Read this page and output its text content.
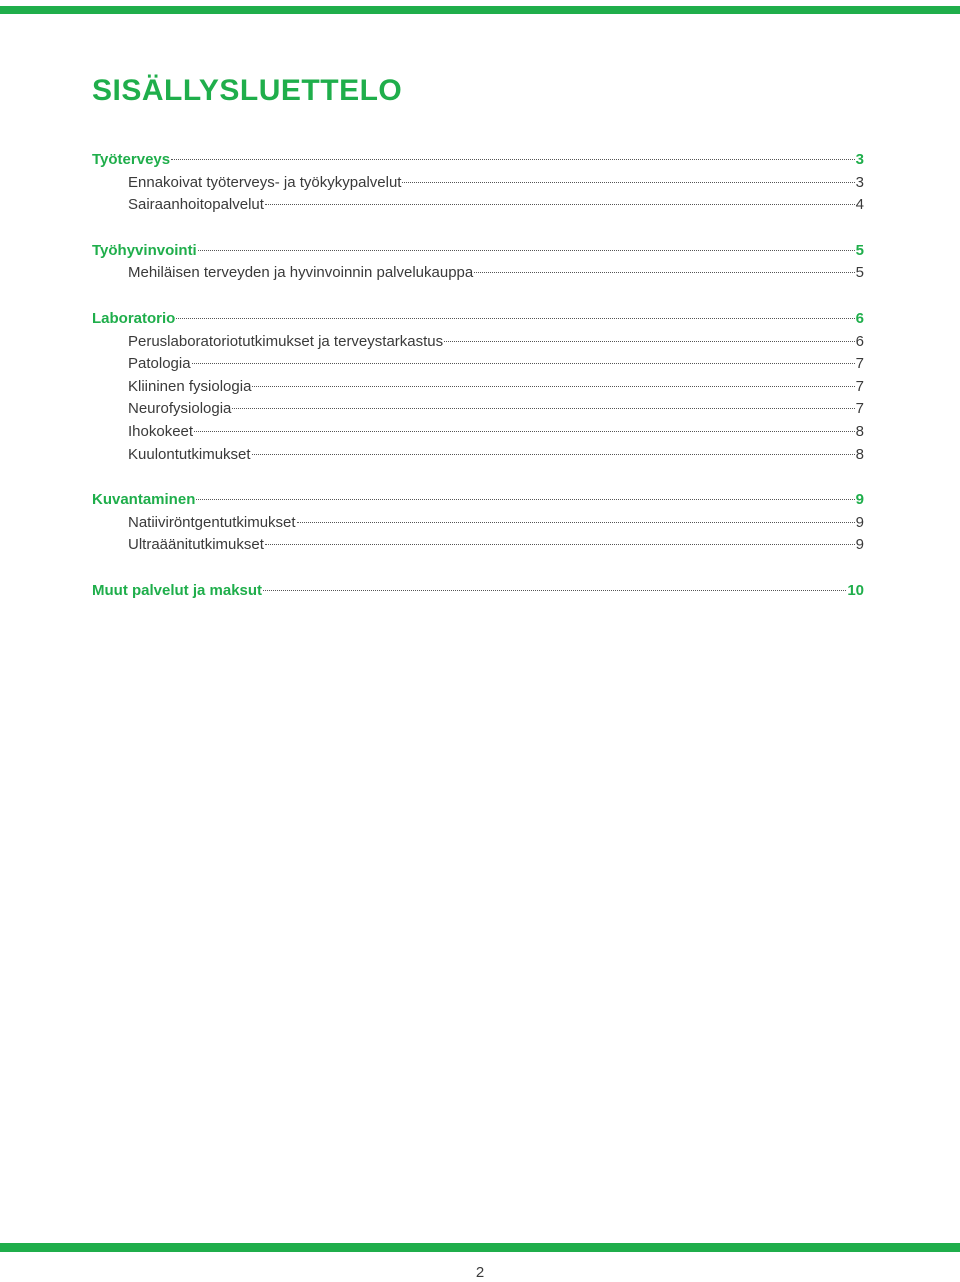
SISÄLLYSLUETTELO
Työterveys	3
Ennakoivat työterveys- ja työkykypalvelut	3
Sairaanhoitopalvelut	4
Työhyvinvointi	5
Mehiläisen terveyden ja hyvinvoinnin palvelukauppa	5
Laboratorio	6
Peruslaboratoriotutkimukset ja terveystarkastus	6
Patologia	7
Kliininen fysiologia	7
Neurofysiologia	7
Ihokokeet	8
Kuulontutkimukset	8
Kuvantaminen	9
Natiiviröntgentutkimukset	9
Ultraäänitutkimukset	9
Muut palvelut ja maksut	10
2
